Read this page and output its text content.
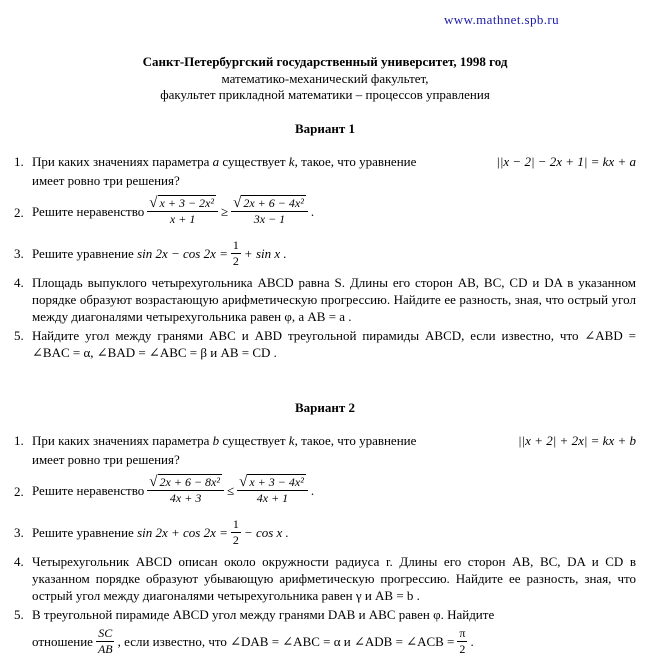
www.mathnet.spb.ru
Санкт-Петербургский государственный университет, 1998 год
математико-механический факультет,
факультет прикладной математики – процессов управления
Вариант 1
1. При каких значениях параметра a существует k, такое, что уравнение	||x − 2| − 2x + 1| = kx + a

имеет ровно три решения?
2. Решите неравенство $\frac{\text{√ x + 3 − 2x²}}{x + 1} \ge \frac{\text{√ 2x + 6 − 4x²}}{3x - 1}$ .
3. Решите уравнение
$\sin 2x - \cos 2x = \frac{1}{2} + \sin x$ .
4. Площадь выпуклого четырехугольника ABCD равна S. Длины его сторон AB, BC, CD и DA в указанном порядке образуют возрастающую арифметическую прогрессию. Найдите ее разность, зная, что острый угол между диагоналями четырехугольника равен φ, а AB = a .
5. Найдите угол между гранями ABC и ABD треугольной пирамиды ABCD, если известно, что ∠ABD = ∠BAC = α, ∠BAD = ∠ABC = β и AB = CD .
Вариант 2
1. При каких значениях параметра b существует k, такое, что уравнение	||x + 2| + 2x| = kx + b

имеет ровно три решения?
2. Решите неравенство $\frac{\text{√ 2x + 6 − 8x²}}{4x + 3} \le \frac{\text{√ x + 3 − 4x²}}{4x + 1}$ .
3. Решите уравнение
$\sin 2x + \cos 2x = \frac{1}{2} - \cos x$ .
4. Четырехугольник ABCD описан около окружности радиуса r. Длины его сторон AB, BC, DA и CD в указанном порядке образуют убывающую арифметическую прогрессию. Найдите ее разность, зная, что острый угол между диагоналями четырехугольника равен γ и AB = b .
5. В треугольной пирамиде ABCD угол между гранями DAB и ABC равен φ. Найдите
отношение $\frac{SC}{AB}$ , если известно, что ∠DAB = ∠ABC = α и ∠ADB = ∠ACB = $\frac{\pi}{2}$ .
